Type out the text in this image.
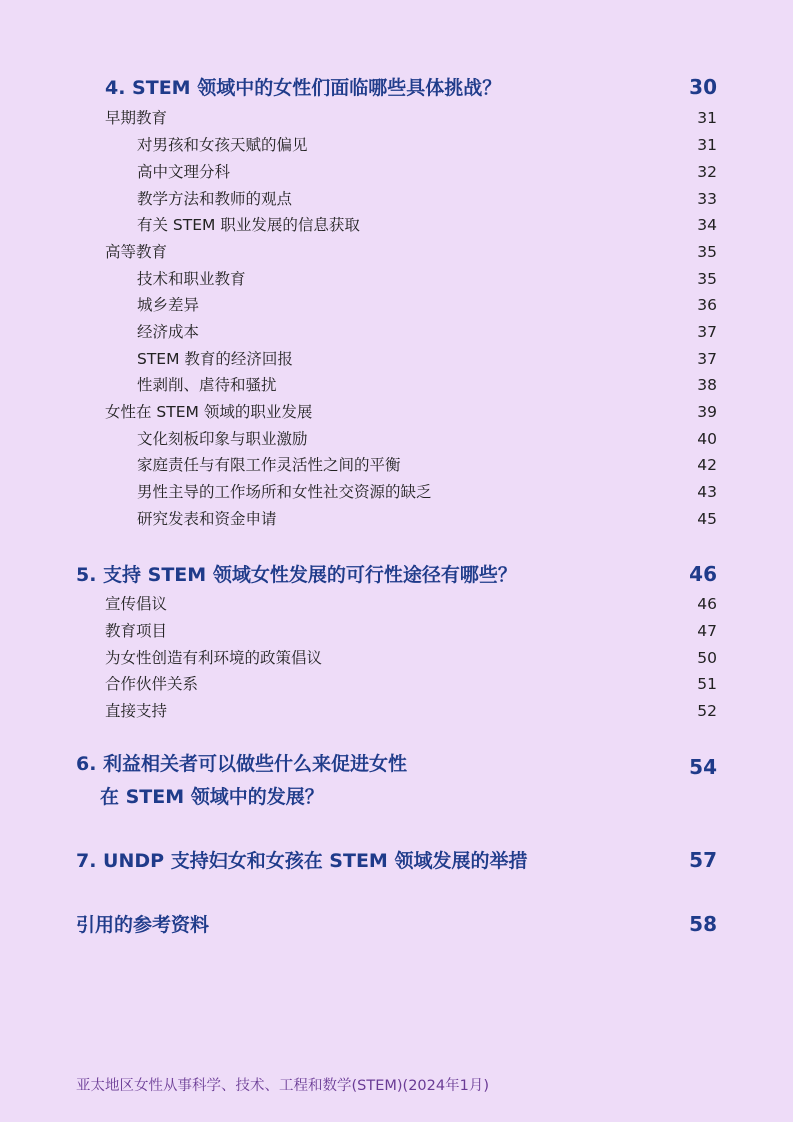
4. STEM 领域中的女性们面临哪些具体挑战？	30
早期教育	31
对男孩和女孩天赋的偏见	31
高中文理分科	32
教学方法和教师的观点	33
有关 STEM 职业发展的信息获取	34
高等教育	35
技术和职业教育	35
城乡差异	36
经济成本	37
STEM 教育的经济回报	37
性剥削、虐待和骚扰	38
女性在 STEM 领域的职业发展	39
文化刻板印象与职业激励	40
家庭责任与有限工作灵活性之间的平衡	42
男性主导的工作场所和女性社交资源的缺乏	43
研究发表和资金申请	45
5. 支持 STEM 领域女性发展的可行性途径有哪些？	46
宣传倡议	46
教育项目	47
为女性创造有利环境的政策倡议	50
合作伙伴关系	51
直接支持	52
6. 利益相关者可以做些什么来促进女性	54
在 STEM 领域中的发展？
7. UNDP 支持妇女和女孩在 STEM 领域发展的举措	57
引用的参考资料	58
亚太地区女性从事科学、技术、工程和数学(STEM)(2024年1月)
